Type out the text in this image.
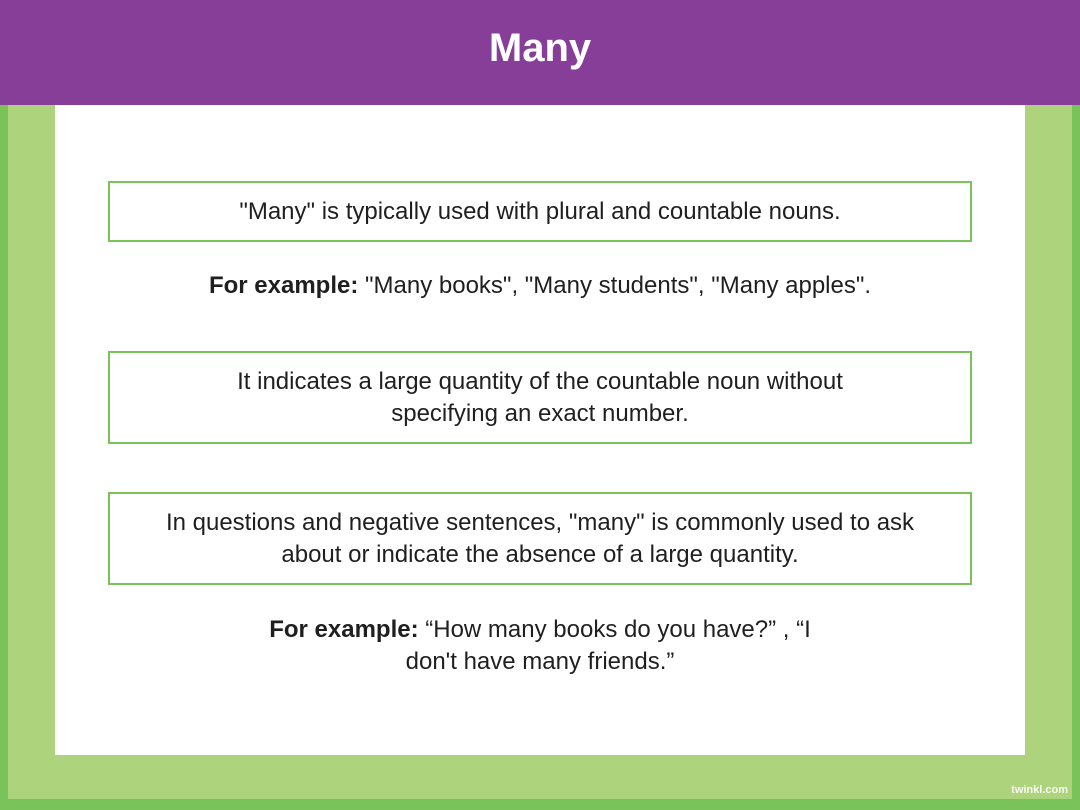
Many
"Many" is typically used with plural and countable nouns.
For example: "Many books", "Many students", "Many apples".
It indicates a large quantity of the countable noun without specifying an exact number.
In questions and negative sentences, "many" is commonly used to ask about or indicate the absence of a large quantity.
For example: “How many books do you have?” , “I don't have many friends.”
twinkl.com
